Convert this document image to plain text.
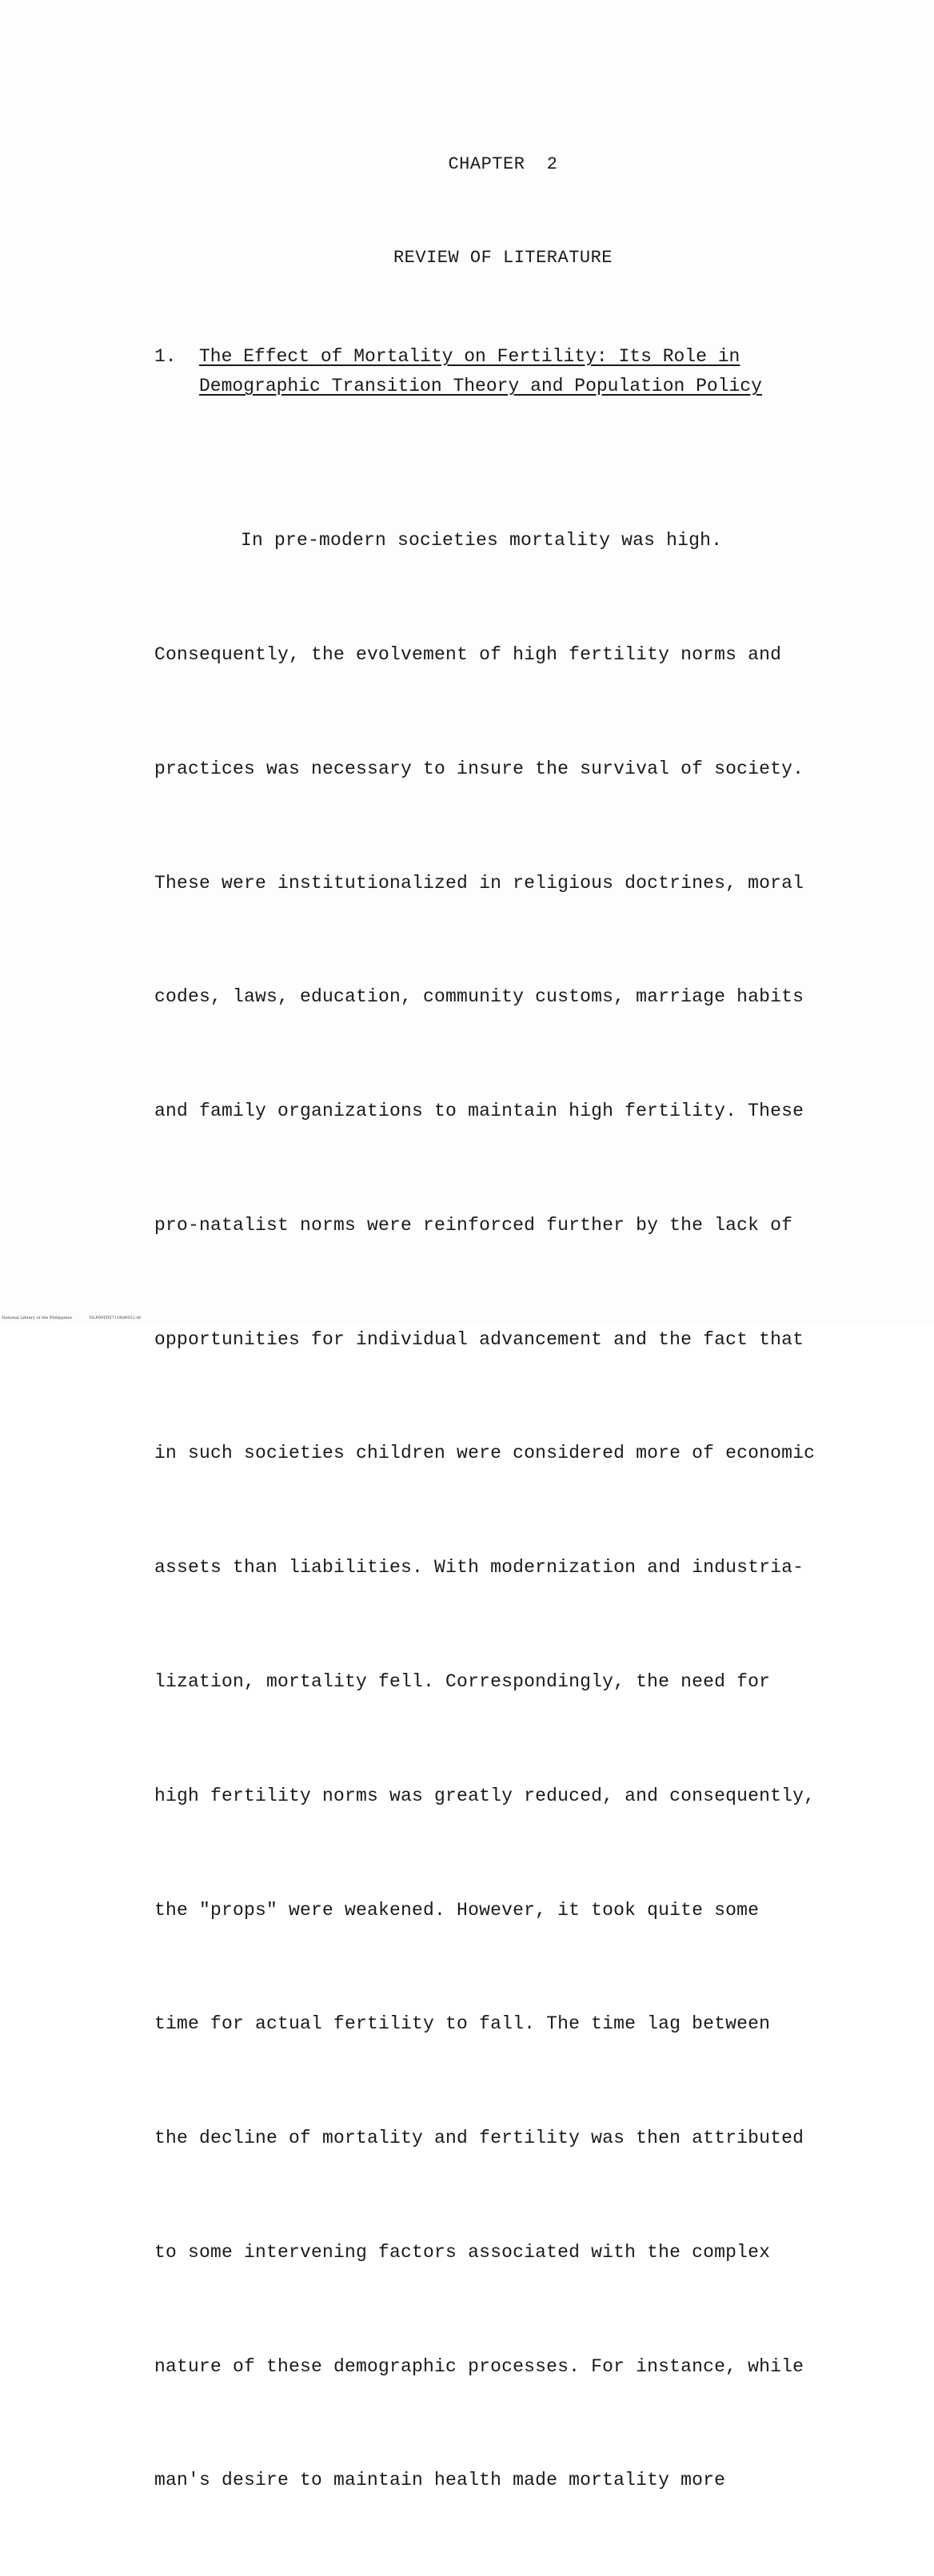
CHAPTER  2
REVIEW OF LITERATURE
1. The Effect of Mortality on Fertility: Its Role in
Demographic Transition Theory and Population Policy

In pre-modern societies mortality was high.

Consequently, the evolvement of high fertility norms and

practices was necessary to insure the survival of society.

These were institutionalized in religious doctrines, moral

codes, laws, education, community customs, marriage habits

and family organizations to maintain high fertility. These

pro-natalist norms were reinforced further by the lack of

opportunities for individual advancement and the fact that

in such societies children were considered more of economic

assets than liabilities. With modernization and industria-

lization, mortality fell. Correspondingly, the need for

high fertility norms was greatly reduced, and consequently,

the "props" were weakened. However, it took quite some

time for actual fertility to fall. The time lag between

the decline of mortality and fertility was then attributed

to some intervening factors associated with the complex

nature of these demographic processes. For instance, while

man's desire to maintain health made mortality more

National Library of the Philippines	NLP00TD5711ftd0012.tif
